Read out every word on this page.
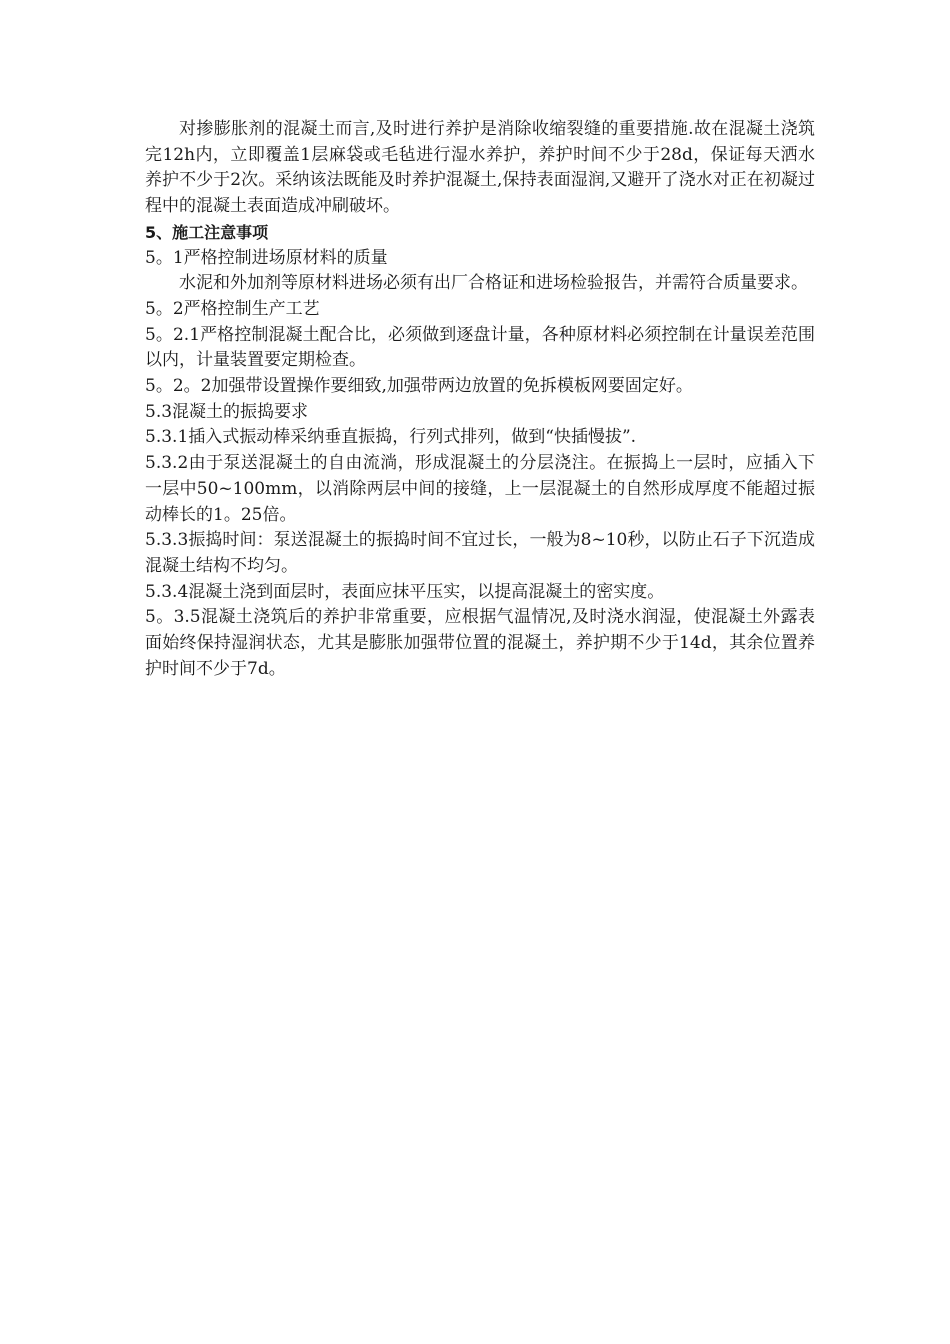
对掺膨胀剂的混凝土而言,及时进行养护是消除收缩裂缝的重要措施.故在混凝土浇筑完12h内，立即覆盖1层麻袋或毛毡进行湿水养护，养护时间不少于28d，保证每天洒水养护不少于2次。采纳该法既能及时养护混凝土,保持表面湿润,又避开了浇水对正在初凝过程中的混凝土表面造成冲刷破坏。

5、施工注意事项

5。1严格控制进场原材料的质量

水泥和外加剂等原材料进场必须有出厂合格证和进场检验报告，并需符合质量要求。

5。2严格控制生产工艺

5。2.1严格控制混凝土配合比，必须做到逐盘计量，各种原材料必须控制在计量误差范围以内，计量装置要定期检查。

5。2。2加强带设置操作要细致,加强带两边放置的免拆模板网要固定好。

5.3混凝土的振捣要求

5.3.1插入式振动棒采纳垂直振捣，行列式排列，做到“快插慢拔”.

5.3.2由于泵送混凝土的自由流淌，形成混凝土的分层浇注。在振捣上一层时，应插入下一层中50~100mm，以消除两层中间的接缝，上一层混凝土的自然形成厚度不能超过振动棒长的1。25倍。

5.3.3振捣时间：泵送混凝土的振捣时间不宜过长，一般为8~10秒，以防止石子下沉造成混凝土结构不均匀。

5.3.4混凝土浇到面层时，表面应抹平压实，以提高混凝土的密实度。

5。3.5混凝土浇筑后的养护非常重要，应根据气温情况,及时浇水润湿，使混凝土外露表面始终保持湿润状态，尤其是膨胀加强带位置的混凝土，养护期不少于14d，其余位置养护时间不少于7d。
